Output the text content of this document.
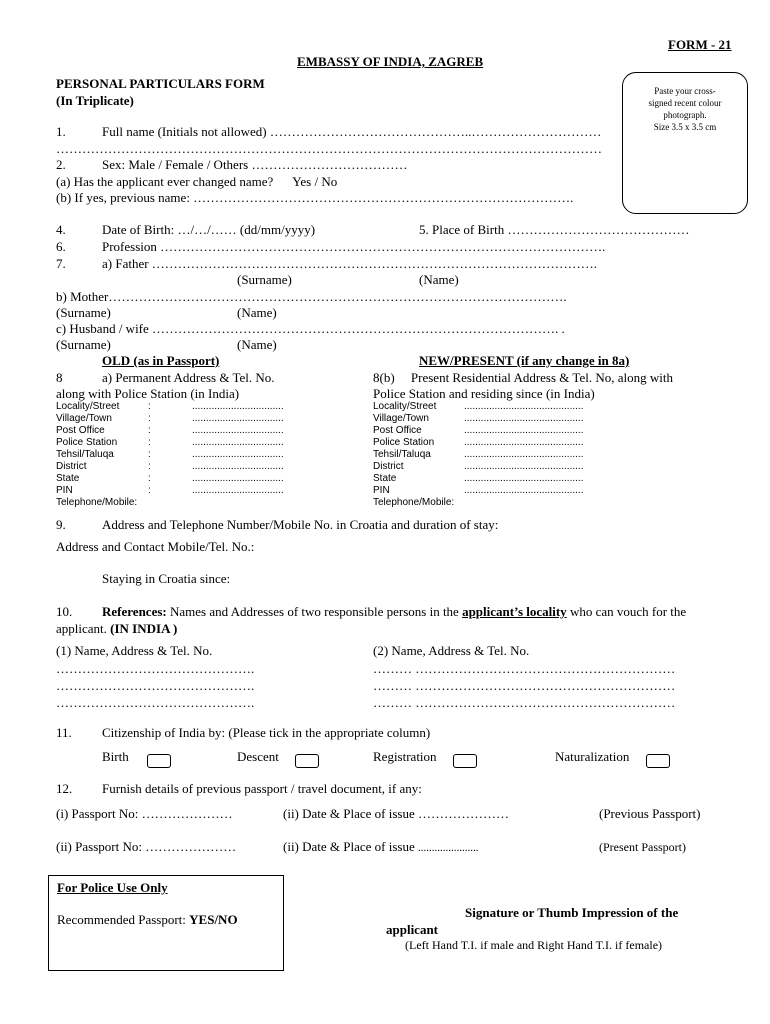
FORM - 21
EMBASSY OF INDIA, ZAGREB
PERSONAL PARTICULARS FORM
(In Triplicate)
Paste your cross-
signed recent colour
photograph.
Size 3.5 x 3.5 cm
1.	Full name (Initials not allowed) ………………………………………..…………………………
………………………………………………………………………………………………………………
2.	Sex: Male / Female / Others ………………………………
(a) Has the applicant ever changed name?      Yes / No
(b) If yes, previous name: …………………………………………………………………………….
4.	Date of Birth: …/…/…… (dd/mm/yyyy)	5. Place of Birth ……………………………………
6.	Profession ………………………………………………………………………………………….
7.	a) Father ………………………………………………………………………………………….
(Surname)	(Name)
b) Mother…………………………………………………………………………………………….
(Surname)	(Name)
c) Husband / wife …………………………………………………………………………………. .
(Surname)	(Name)
OLD (as in Passport)	NEW/PRESENT (if any change in 8a)
8	a) Permanent Address & Tel. No.
along with Police Station (in India)
8(b)     Present Residential Address & Tel. No, along with
Police Station and residing since (in India)
Locality/Street	:	.................................
Village/Town	:	.................................
Post Office	:	.................................
Police Station	:	.................................
Tehsil/Taluqa	:	.................................
District	:	.................................
State	:	.................................
PIN	:	.................................
Telephone/Mobile:
Locality/Street	...........................................
Village/Town	...........................................
Post Office	...........................................
Police Station	...........................................
Tehsil/Taluqa	...........................................
District	...........................................
State	...........................................
PIN	...........................................
Telephone/Mobile:
9.	Address and Telephone Number/Mobile No. in Croatia and duration of stay:
Address and Contact Mobile/Tel. No.:
Staying in Croatia since:
10. References: Names and Addresses of two responsible persons in the applicant’s locality who can vouch for the
applicant. (IN INDIA )
(1) Name, Address & Tel. No.	(2) Name, Address & Tel. No.
……………………………………….
……………………………………….
……………………………………….
……… ……………………………………………………
……… ……………………………………………………
……… ……………………………………………………
11. Citizenship of India by: (Please tick in the appropriate column)
Birth	Descent	Registration	Naturalization
12. Furnish details of previous passport / travel document, if any:
(i) Passport No: …………………	(ii) Date & Place of issue …………………	(Previous Passport)
(ii) Passport No: …………………	(ii) Date & Place of issue ......................	(Present Passport)
For Police Use Only
Recommended Passport: YES/NO	Signature or Thumb Impression of the
applicant
(Left Hand T.I. if male and Right Hand T.I. if female)
